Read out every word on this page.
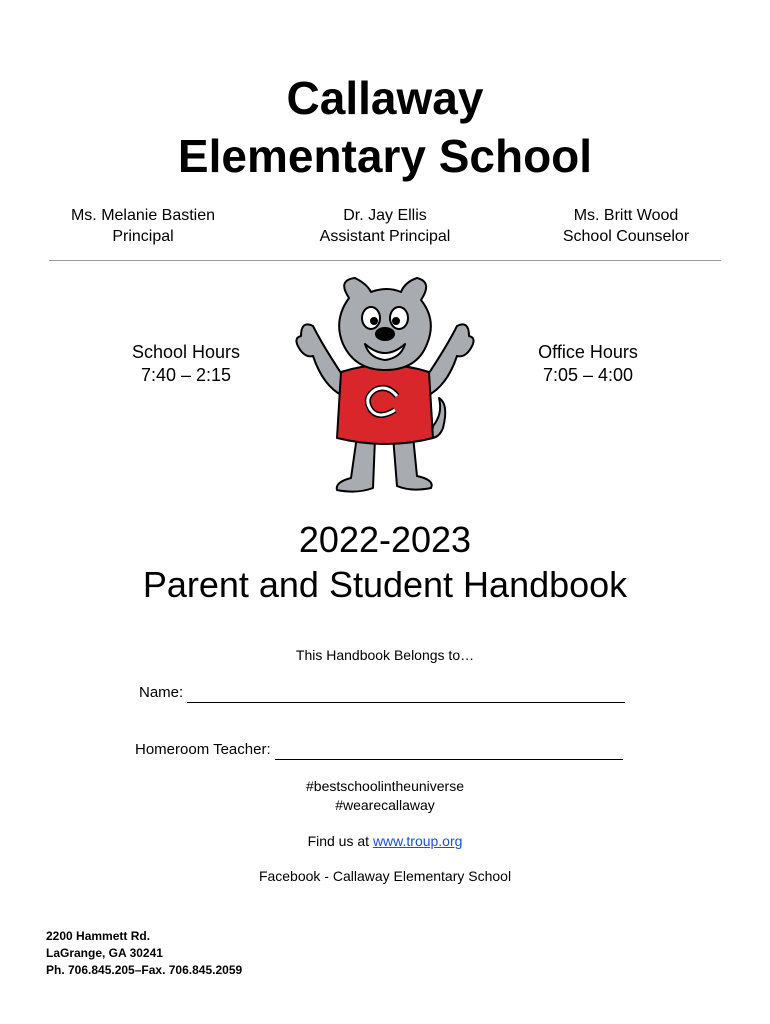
Callaway
Elementary School
Ms. Melanie Bastien
Principal
Dr. Jay Ellis
Assistant Principal
Ms. Britt Wood
School Counselor
School Hours
7:40 – 2:15
Office Hours
7:05 – 4:00
2022-2023
Parent and Student Handbook
This Handbook Belongs to…
Name:
Homeroom Teacher:
#bestschoolintheuniverse
#wearecallaway
Find us at www.troup.org
Facebook - Callaway Elementary School
2200 Hammett Rd.
LaGrange, GA 30241
Ph. 706.845.205–Fax. 706.845.2059
